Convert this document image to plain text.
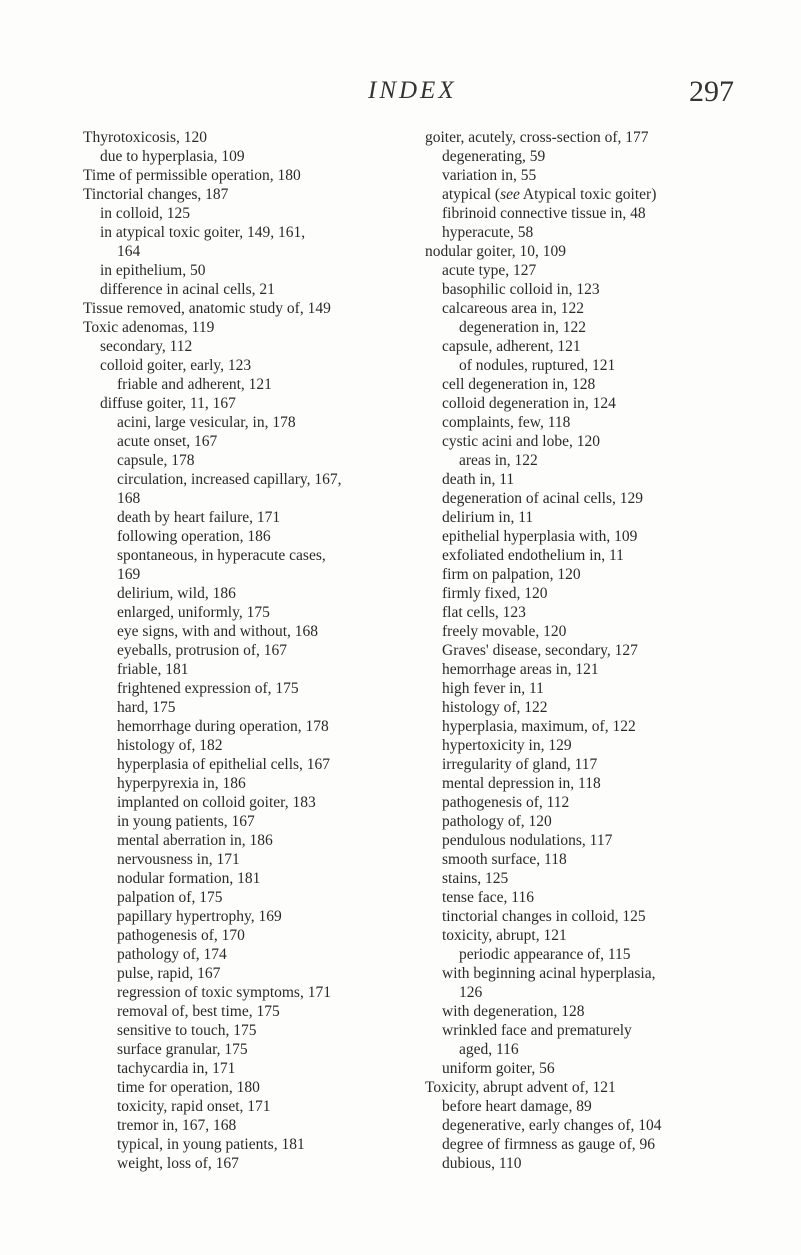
INDEX	297
Thyrotoxicosis, 120
due to hyperplasia, 109
Time of permissible operation, 180
Tinctorial changes, 187
in colloid, 125
in atypical toxic goiter, 149, 161,
164
in epithelium, 50
difference in acinal cells, 21
Tissue removed, anatomic study of, 149
Toxic adenomas, 119
secondary, 112
colloid goiter, early, 123
friable and adherent, 121
diffuse goiter, 11, 167
acini, large vesicular, in, 178
acute onset, 167
capsule, 178
circulation, increased capillary, 167,
168
death by heart failure, 171
following operation, 186
spontaneous, in hyperacute cases,
169
delirium, wild, 186
enlarged, uniformly, 175
eye signs, with and without, 168
eyeballs, protrusion of, 167
friable, 181
frightened expression of, 175
hard, 175
hemorrhage during operation, 178
histology of, 182
hyperplasia of epithelial cells, 167
hyperpyrexia in, 186
implanted on colloid goiter, 183
in young patients, 167
mental aberration in, 186
nervousness in, 171
nodular formation, 181
palpation of, 175
papillary hypertrophy, 169
pathogenesis of, 170
pathology of, 174
pulse, rapid, 167
regression of toxic symptoms, 171
removal of, best time, 175
sensitive to touch, 175
surface granular, 175
tachycardia in, 171
time for operation, 180
toxicity, rapid onset, 171
tremor in, 167, 168
typical, in young patients, 181
weight, loss of, 167
goiter, acutely, cross-section of, 177
degenerating, 59
variation in, 55
atypical (see Atypical toxic goiter)
fibrinoid connective tissue in, 48
hyperacute, 58
nodular goiter, 10, 109
acute type, 127
basophilic colloid in, 123
calcareous area in, 122
degeneration in, 122
capsule, adherent, 121
of nodules, ruptured, 121
cell degeneration in, 128
colloid degeneration in, 124
complaints, few, 118
cystic acini and lobe, 120
areas in, 122
death in, 11
degeneration of acinal cells, 129
delirium in, 11
epithelial hyperplasia with, 109
exfoliated endothelium in, 11
firm on palpation, 120
firmly fixed, 120
flat cells, 123
freely movable, 120
Graves' disease, secondary, 127
hemorrhage areas in, 121
high fever in, 11
histology of, 122
hyperplasia, maximum, of, 122
hypertoxicity in, 129
irregularity of gland, 117
mental depression in, 118
pathogenesis of, 112
pathology of, 120
pendulous nodulations, 117
smooth surface, 118
stains, 125
tense face, 116
tinctorial changes in colloid, 125
toxicity, abrupt, 121
periodic appearance of, 115
with beginning acinal hyperplasia,
126
with degeneration, 128
wrinkled face and prematurely
aged, 116
uniform goiter, 56
Toxicity, abrupt advent of, 121
before heart damage, 89
degenerative, early changes of, 104
degree of firmness as gauge of, 96
dubious, 110
